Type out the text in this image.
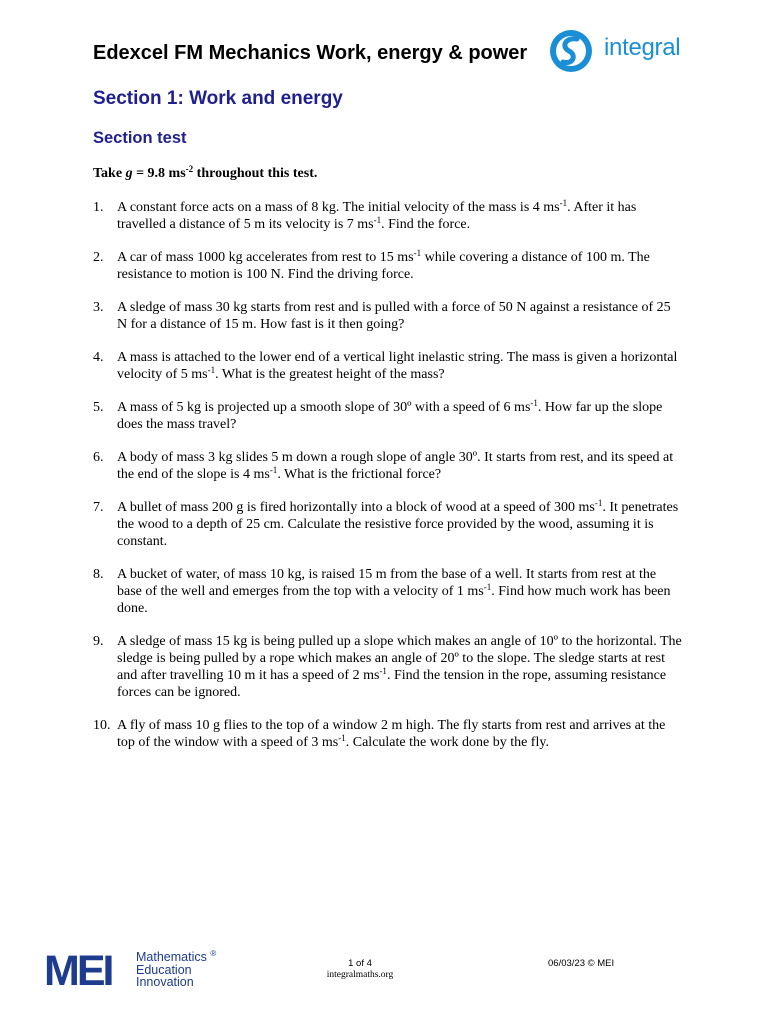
Edexcel FM Mechanics Work, energy & power	integral
Section 1: Work and energy
Section test
Take g = 9.8 $ms^{-2}$ throughout this test.
1. A constant force acts on a mass of 8 kg. The initial velocity of the mass is 4 $ms^{-1}$. After it has travelled a distance of 5 m its velocity is 7 $ms^{-1}$. Find the force.
2. A car of mass 1000 kg accelerates from rest to 15 $ms^{-1}$ while covering a distance of 100 m. The resistance to motion is 100 N. Find the driving force.
3. A sledge of mass 30 kg starts from rest and is pulled with a force of 50 N against a resistance of 25 N for a distance of 15 m. How fast is it then going?
4. A mass is attached to the lower end of a vertical light inelastic string. The mass is given a horizontal velocity of 5 $ms^{-1}$. What is the greatest height of the mass?
5. A mass of 5 kg is projected up a smooth slope of 30º with a speed of 6 $ms^{-1}$. How far up the slope does the mass travel?
6. A body of mass 3 kg slides 5 m down a rough slope of angle 30º. It starts from rest, and its speed at the end of the slope is 4 $ms^{-1}$. What is the frictional force?
7. A bullet of mass 200 g is fired horizontally into a block of wood at a speed of 300 $ms^{-1}$. It penetrates the wood to a depth of 25 cm. Calculate the resistive force provided by the wood, assuming it is constant.
8. A bucket of water, of mass 10 kg, is raised 15 m from the base of a well. It starts from rest at the base of the well and emerges from the top with a velocity of 1 $ms^{-1}$. Find how much work has been done.
9. A sledge of mass 15 kg is being pulled up a slope which makes an angle of 10º to the horizontal. The sledge is being pulled by a rope which makes an angle of 20º to the slope. The sledge starts at rest and after travelling 10 m it has a speed of 2 $ms^{-1}$. Find the tension in the rope, assuming resistance forces can be ignored.
10. A fly of mass 10 g flies to the top of a window 2 m high. The fly starts from rest and arrives at the top of the window with a speed of 3 $ms^{-1}$. Calculate the work done by the fly.
MEI Mathematics ®
Education
Innovation
1 of 4
integralmaths.org
06/03/23 © MEI
